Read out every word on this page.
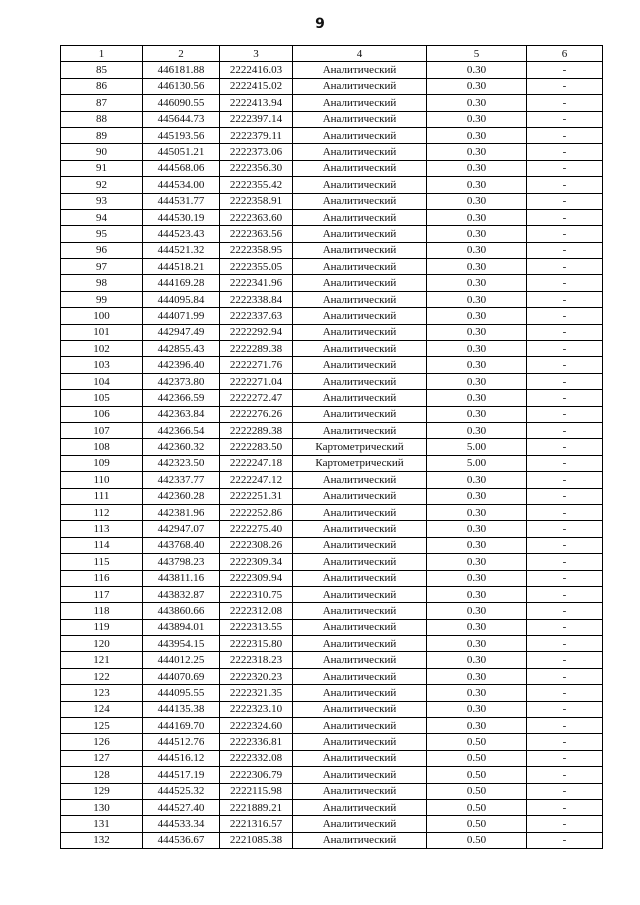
9
1	2	3	4	5	6
85	446181.88	2222416.03	Аналитический	0.30	-
86	446130.56	2222415.02	Аналитический	0.30	-
87	446090.55	2222413.94	Аналитический	0.30	-
88	445644.73	2222397.14	Аналитический	0.30	-
89	445193.56	2222379.11	Аналитический	0.30	-
90	445051.21	2222373.06	Аналитический	0.30	-
91	444568.06	2222356.30	Аналитический	0.30	-
92	444534.00	2222355.42	Аналитический	0.30	-
93	444531.77	2222358.91	Аналитический	0.30	-
94	444530.19	2222363.60	Аналитический	0.30	-
95	444523.43	2222363.56	Аналитический	0.30	-
96	444521.32	2222358.95	Аналитический	0.30	-
97	444518.21	2222355.05	Аналитический	0.30	-
98	444169.28	2222341.96	Аналитический	0.30	-
99	444095.84	2222338.84	Аналитический	0.30	-
100	444071.99	2222337.63	Аналитический	0.30	-
101	442947.49	2222292.94	Аналитический	0.30	-
102	442855.43	2222289.38	Аналитический	0.30	-
103	442396.40	2222271.76	Аналитический	0.30	-
104	442373.80	2222271.04	Аналитический	0.30	-
105	442366.59	2222272.47	Аналитический	0.30	-
106	442363.84	2222276.26	Аналитический	0.30	-
107	442366.54	2222289.38	Аналитический	0.30	-
108	442360.32	2222283.50	Картометрический	5.00	-
109	442323.50	2222247.18	Картометрический	5.00	-
110	442337.77	2222247.12	Аналитический	0.30	-
111	442360.28	2222251.31	Аналитический	0.30	-
112	442381.96	2222252.86	Аналитический	0.30	-
113	442947.07	2222275.40	Аналитический	0.30	-
114	443768.40	2222308.26	Аналитический	0.30	-
115	443798.23	2222309.34	Аналитический	0.30	-
116	443811.16	2222309.94	Аналитический	0.30	-
117	443832.87	2222310.75	Аналитический	0.30	-
118	443860.66	2222312.08	Аналитический	0.30	-
119	443894.01	2222313.55	Аналитический	0.30	-
120	443954.15	2222315.80	Аналитический	0.30	-
121	444012.25	2222318.23	Аналитический	0.30	-
122	444070.69	2222320.23	Аналитический	0.30	-
123	444095.55	2222321.35	Аналитический	0.30	-
124	444135.38	2222323.10	Аналитический	0.30	-
125	444169.70	2222324.60	Аналитический	0.30	-
126	444512.76	2222336.81	Аналитический	0.50	-
127	444516.12	2222332.08	Аналитический	0.50	-
128	444517.19	2222306.79	Аналитический	0.50	-
129	444525.32	2222115.98	Аналитический	0.50	-
130	444527.40	2221889.21	Аналитический	0.50	-
131	444533.34	2221316.57	Аналитический	0.50	-
132	444536.67	2221085.38	Аналитический	0.50	-
